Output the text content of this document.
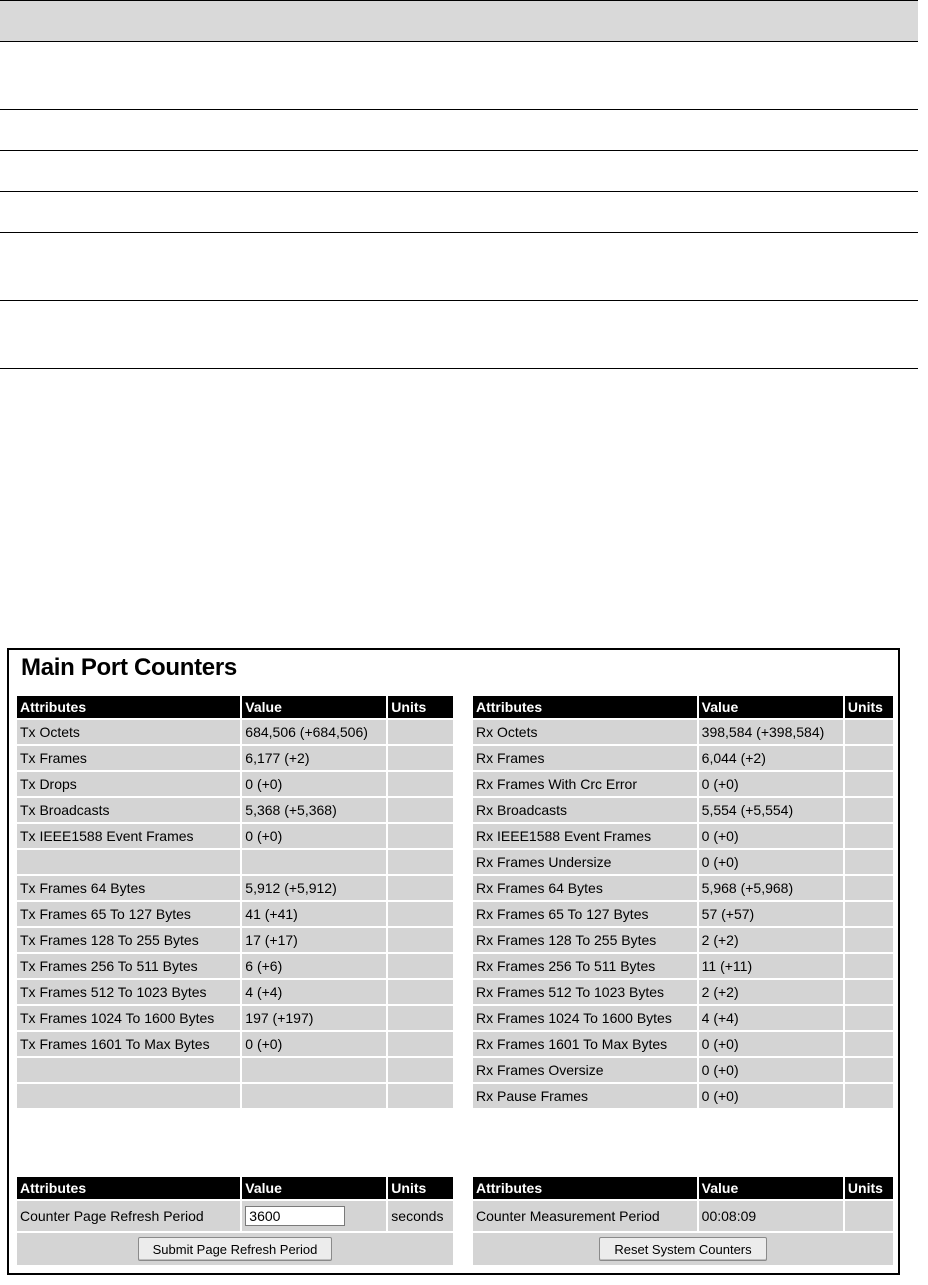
Main Port Counters
Attributes	Value	Units
Tx Octets	684,506 (+684,506)	
Tx Frames	6,177 (+2)	
Tx Drops	0 (+0)	
Tx Broadcasts	5,368 (+5,368)	
Tx IEEE1588 Event Frames	0 (+0)	

Tx Frames 64 Bytes	5,912 (+5,912)	
Tx Frames 65 To 127 Bytes	41 (+41)	
Tx Frames 128 To 255 Bytes	17 (+17)	
Tx Frames 256 To 511 Bytes	6 (+6)	
Tx Frames 512 To 1023 Bytes	4 (+4)	
Tx Frames 1024 To 1600 Bytes	197 (+197)	
Tx Frames 1601 To Max Bytes	0 (+0)	

Attributes	Value	Units
Rx Octets	398,584 (+398,584)	
Rx Frames	6,044 (+2)	
Rx Frames With Crc Error	0 (+0)	
Rx Broadcasts	5,554 (+5,554)	
Rx IEEE1588 Event Frames	0 (+0)	
Rx Frames Undersize	0 (+0)	
Rx Frames 64 Bytes	5,968 (+5,968)	
Rx Frames 65 To 127 Bytes	57 (+57)	
Rx Frames 128 To 255 Bytes	2 (+2)	
Rx Frames 256 To 511 Bytes	11 (+11)	
Rx Frames 512 To 1023 Bytes	2 (+2)	
Rx Frames 1024 To 1600 Bytes	4 (+4)	
Rx Frames 1601 To Max Bytes	0 (+0)	
Rx Frames Oversize	0 (+0)	
Rx Pause Frames	0 (+0)	
Attributes	Value	Units
Counter Page Refresh Period	3600	seconds
Submit Page Refresh Period		
Attributes	Value	Units
Counter Measurement Period	00:08:09	
Reset System Counters		
